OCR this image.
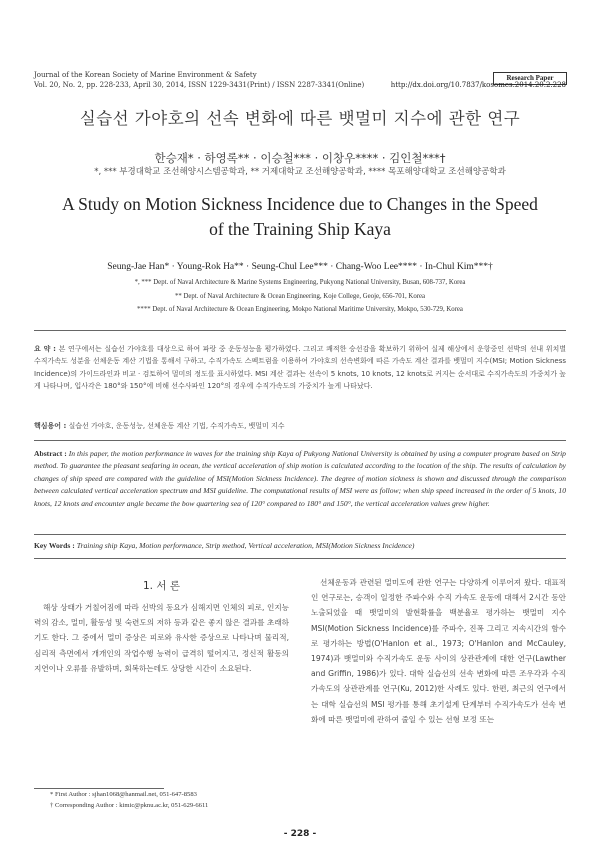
Journal of the Korean Society of Marine Environment & Safety
Vol. 20, No. 2, pp. 228-233, April 30, 2014, ISSN 1229-3431(Print) / ISSN 2287-3341(Online)
Research Paper
http://dx.doi.org/10.7837/kosomes.2014.20.2.228
실습선 가야호의 선속 변화에 따른 뱃멀미 지수에 관한 연구
한승재* · 하영록** · 이승철*** · 이창우**** · 김인철***†
*, *** 부경대학교 조선해양시스템공학과, ** 거제대학교 조선해양공학과, **** 목포해양대학교 조선해양공학과
A Study on Motion Sickness Incidence due to Changes in the Speed
of the Training Ship Kaya
Seung-Jae Han* · Young-Rok Ha** · Seung-Chul Lee*** · Chang-Woo Lee**** · In-Chul Kim***†
*, *** Dept. of Naval Architecture & Marine Systems Engineering, Pukyong National University, Busan, 608-737, Korea
** Dept. of Naval Architecture & Ocean Engineering, Koje College, Geoje, 656-701, Korea
**** Dept. of Naval Architecture & Ocean Engineering, Mokpo National Maritime University, Mokpo, 530-729, Korea
요 약 : 본 연구에서는 실습선 가야호를 대상으로 하여 파랑 중 운동성능을 평가하였다. 그리고 쾌적한 승선감을 확보하기 위하여 실제 해상에서 운항중인 선박의 선내 위치별 수직가속도 성분을 선체운동 계산 기법을 통해서 구하고, 수직가속도 스펙트럼을 이용하여 가야호의 선속변화에 따른 가속도 계산 결과를 뱃멀미 지수(MSI; Motion Sickness Incidence)의 가이드라인과 비교 · 검토하여 멀미의 정도를 표시하였다. MSI 계산 결과는 선속이 5 knots, 10 knots, 12 knots로 커지는 순서대로 수직가속도의 가중치가 높게 나타나며, 입사각은 180°와 150°에 비해 선수사파인 120°의 경우에 수직가속도의 가중치가 높게 나타났다.
핵심용어 : 실습선 가야호, 운동성능, 선체운동 계산 기법, 수직가속도, 뱃멀미 지수
Abstract : In this paper, the motion performance in waves for the training ship Kaya of Pukyong National University is obtained by using a computer program based on Strip method. To guarantee the pleasant seafaring in ocean, the vertical acceleration of ship motion is calculated according to the location of the ship. The results of calculation by changes of ship speed are compared with the guideline of MSI(Motion Sickness Incidence). The degree of motion sickness is shown and discussed through the comparison between calculated vertical acceleration spectrum and MSI guideline. The computational results of MSI were as follow; when ship speed increased in the order of 5 knots, 10 knots, 12 knots and encounter angle became the bow quartering sea of 120° compared to 180° and 150°, the vertical acceleration values grew higher.
Key Words : Training ship Kaya, Motion performance, Strip method, Vertical acceleration, MSI(Motion Sickness Incidence)
1. 서 론
해상 상태가 거칠어짐에 따라 선박의 동요가 심해지면 인체의 피로, 인지능력의 감소, 멀미, 활동성 및 숙련도의 저하 등과 같은 좋지 않은 결과를 초래하기도 한다. 그 중에서 멀미 증상은 피로와 유사한 증상으로 나타나며 물리적, 심리적 측면에서 개개인의 작업수행 능력이 급격히 떨어지고, 정신적 활동의 지연이나 오류를 유발하며, 회복하는데도 상당한 시간이 소요된다.
선체운동과 관련된 멀미도에 관한 연구는 다양하게 이루어져 왔다. 대표적인 연구로는, 승객이 일정한 주파수와 수직 가속도 운동에 대해서 2시간 동안 노출되었을 때 뱃멀미의 발현확률을 백분율로 평가하는 뱃멀미 지수 MSI(Motion Sickness Incidence)를 주파수, 진폭 그리고 지속시간의 함수로 평가하는 방법(O'Hanlon et al., 1973; O'Hanlon and McCauley, 1974)과 뱃멀미와 수직가속도 운동 사이의 상관관계에 대한 연구(Lawther and Griffin, 1986)가 있다. 대학 실습선의 선속 변화에 따른 조우각과 수직가속도의 상관관계를 연구(Ku, 2012)한 사례도 있다. 한편, 최근의 연구에서는 대학 실습선의 MSI 평가를 통해 초기설계 단계부터 수직가속도가 선속 변화에 따른 뱃멀미에 관하여 줄일 수 있는 선형 보정 또는
* First Author : sjhan1068@hanmail.net, 051-647-8583
† Corresponding Author : kimic@pknu.ac.kr, 051-629-6611
- 228 -
